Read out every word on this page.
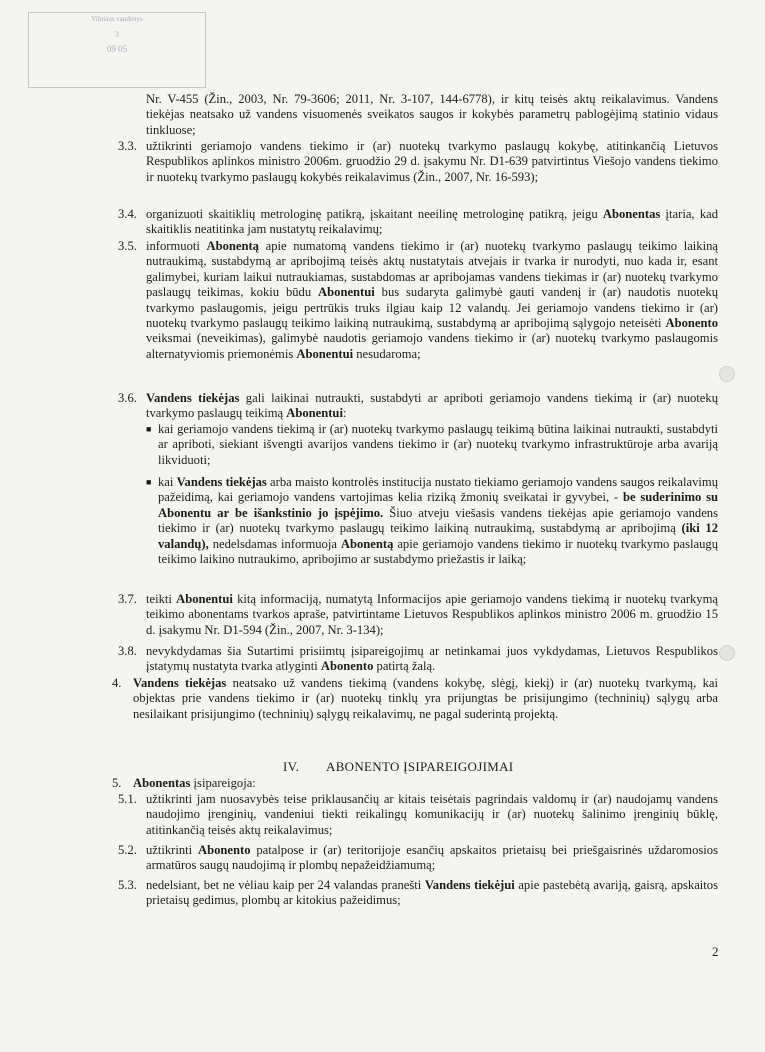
Vilniaus vandenys
3
09 05
Nr. V-455 (Žin., 2003, Nr. 79-3606; 2011, Nr. 3-107, 144-6778), ir kitų teisės aktų reikalavimus. Vandens tiekėjas neatsako už vandens visuomenės sveikatos saugos ir kokybės parametrų pablogėjimą statinio vidaus tinkluose;
3.3. užtikrinti geriamojo vandens tiekimo ir (ar) nuotekų tvarkymo paslaugų kokybę, atitinkančią Lietuvos Respublikos aplinkos ministro 2006m. gruodžio 29 d. įsakymu Nr. D1-639 patvirtintus Viešojo vandens tiekimo ir nuotekų tvarkymo paslaugų kokybės reikalavimus (Žin., 2007, Nr. 16-593);
3.4. organizuoti skaitiklių metrologinę patikrą, įskaitant neeilinę metrologinę patikrą, jeigu Abonentas įtaria, kad skaitiklis neatitinka jam nustatytų reikalavimų;
3.5. informuoti Abonentą apie numatomą vandens tiekimo ir (ar) nuotekų tvarkymo paslaugų teikimo laikiną nutraukimą, sustabdymą ar apribojimą teisės aktų nustatytais atvejais ir tvarka ir nurodyti, nuo kada ir, esant galimybei, kuriam laikui nutraukiamas, sustabdomas ar apribojamas vandens tiekimas ir (ar) nuotekų tvarkymo paslaugų teikimas, kokiu būdu Abonentui bus sudaryta galimybė gauti vandenį ir (ar) naudotis nuotekų tvarkymo paslaugomis, jeigu pertrūkis truks ilgiau kaip 12 valandų. Jei geriamojo vandens tiekimo ir (ar) nuotekų tvarkymo paslaugų teikimo laikiną nutraukimą, sustabdymą ar apribojimą sąlygojo neteisėti Abonento veiksmai (neveikimas), galimybė naudotis geriamojo vandens tiekimo ir (ar) nuotekų tvarkymo paslaugomis alternatyviomis priemonėmis Abonentui nesudaroma;
3.6. Vandens tiekėjas gali laikinai nutraukti, sustabdyti ar apriboti geriamojo vandens tiekimą ir (ar) nuotekų tvarkymo paslaugų teikimą Abonentui:
■ kai geriamojo vandens tiekimą ir (ar) nuotekų tvarkymo paslaugų teikimą būtina laikinai nutraukti, sustabdyti ar apriboti, siekiant išvengti avarijos vandens tiekimo ir (ar) nuotekų tvarkymo infrastruktūroje arba avariją likviduoti;
■ kai Vandens tiekėjas arba maisto kontrolės institucija nustato tiekiamo geriamojo vandens saugos reikalavimų pažeidimą, kai geriamojo vandens vartojimas kelia riziką žmonių sveikatai ir gyvybei, - be suderinimo su Abonentu ar be išankstinio jo įspėjimo. Šiuo atveju viešasis vandens tiekėjas apie geriamojo vandens tiekimo ir (ar) nuotekų tvarkymo paslaugų teikimo laikiną nutraukimą, sustabdymą ar apribojimą (iki 12 valandų), nedelsdamas informuoja Abonentą apie geriamojo vandens tiekimo ir nuotekų tvarkymo paslaugų teikimo laikino nutraukimo, apribojimo ar sustabdymo priežastis ir laiką;
3.7. teikti Abonentui kitą informaciją, numatytą Informacijos apie geriamojo vandens tiekimą ir nuotekų tvarkymą teikimo abonentams tvarkos apraše, patvirtintame Lietuvos Respublikos aplinkos ministro 2006 m. gruodžio 15 d. įsakymu Nr. D1-594 (Žin., 2007, Nr. 3-134);
3.8. nevykdydamas šia Sutartimi prisiimtų įsipareigojimų ar netinkamai juos vykdydamas, Lietuvos Respublikos įstatymų nustatyta tvarka atlyginti Abonento patirtą žalą.
4. Vandens tiekėjas neatsako už vandens tiekimą (vandens kokybę, slėgį, kiekį) ir (ar) nuotekų tvarkymą, kai objektas prie vandens tiekimo ir (ar) nuotekų tinklų yra prijungtas be prisijungimo (techninių) sąlygų arba nesilaikant prisijungimo (techninių) sąlygų reikalavimų, ne pagal suderintą projektą.
IV. ABONENTO ĮSIPAREIGOJIMAI
5. Abonentas įsipareigoja:
5.1. užtikrinti jam nuosavybės teise priklausančių ar kitais teisėtais pagrindais valdomų ir (ar) naudojamų vandens naudojimo įrenginių, vandeniui tiekti reikalingų komunikacijų ir (ar) nuotekų šalinimo įrenginių būklę, atitinkančią teisės aktų reikalavimus;
5.2. užtikrinti Abonento patalpose ir (ar) teritorijoje esančių apskaitos prietaisų bei priešgaisrinės uždaromosios armatūros saugų naudojimą ir plombų nepažeidžiamumą;
5.3. nedelsiant, bet ne vėliau kaip per 24 valandas pranešti Vandens tiekėjui apie pastebėtą avariją, gaisrą, apskaitos prietaisų gedimus, plombų ar kitokius pažeidimus;
2
